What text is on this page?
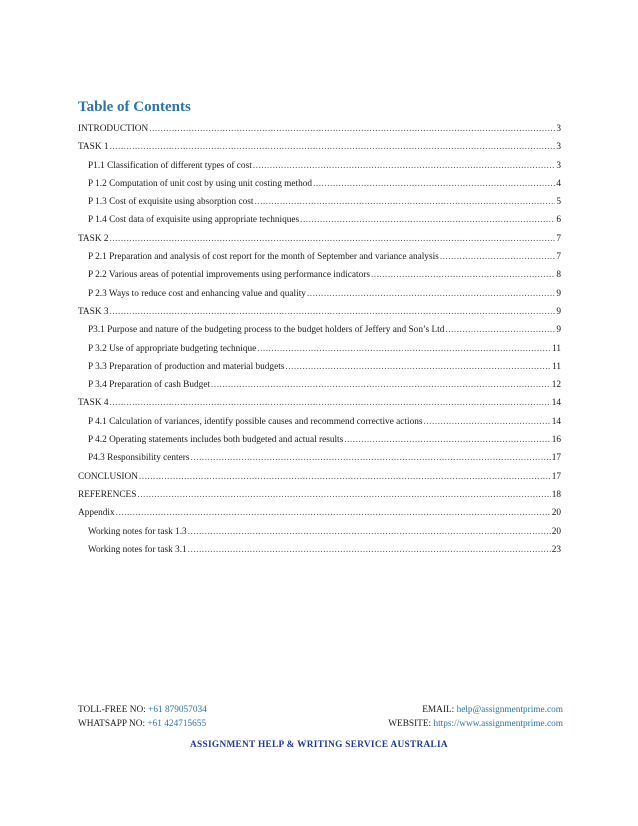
Table of Contents
INTRODUCTION .....	3
TASK 1 .....	3
P1.1 Classification of different types of cost .....	3
P 1.2 Computation of unit cost by using unit costing method .....	4
P 1.3 Cost of exquisite using absorption cost .....	5
P 1.4 Cost data of exquisite using appropriate techniques .....	6
TASK 2 .....	7
P 2.1 Preparation and analysis of cost report for the month of September and variance analysis .....	7
P 2.2 Various areas of potential improvements using performance indicators .....	8
P 2.3 Ways to reduce cost and enhancing value and quality .....	9
TASK 3 .....	9
P3.1 Purpose and nature of the budgeting process to the budget holders of Jeffery and Son’s Ltd .....	9
P 3.2 Use of appropriate budgeting technique .....	11
P 3.3 Preparation of production and material budgets .....	11
P 3.4 Preparation of cash Budget .....	12
TASK 4 .....	14
P 4.1 Calculation of variances, identify possible causes and recommend corrective actions .....	14
P 4.2 Operating statements includes both budgeted and actual results .....	16
P4.3 Responsibility centers .....	17
CONCLUSION .....	17
REFERENCES .....	18
Appendix .....	20
Working notes for task 1.3 .....	20
Working notes for task 3.1 .....	23
TOLL-FREE NO: +61 879057034	EMAIL: help@assignmentprime.com
WHATSAPP NO: +61 424715655	WEBSITE: https://www.assignmentprime.com
ASSIGNMENT HELP & WRITING SERVICE AUSTRALIA
